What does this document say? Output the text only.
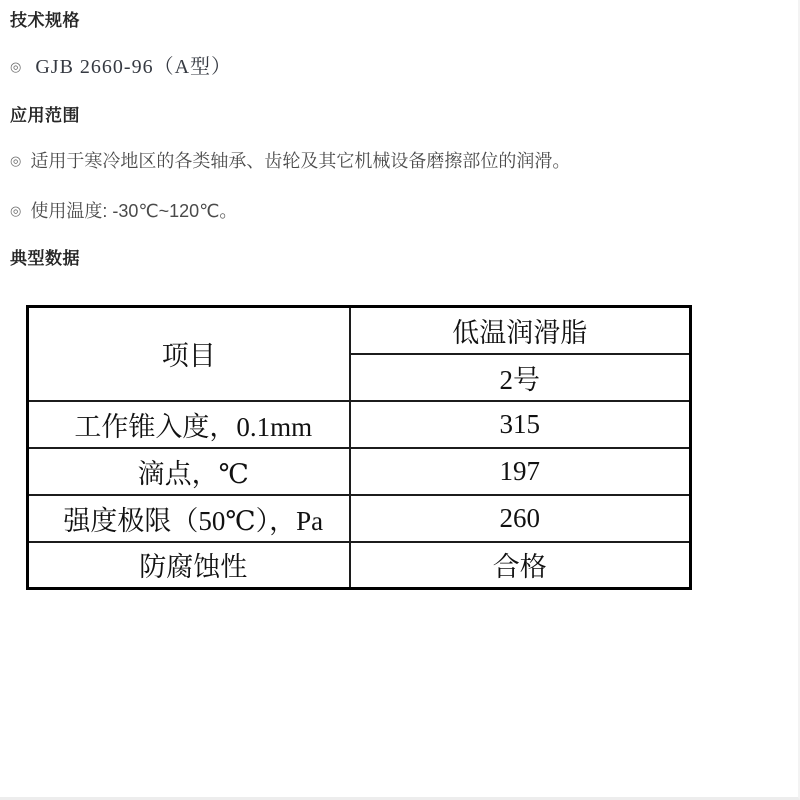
技术规格
◎ GJB 2660-96（A型）
应用范围
◎ 适用于寒冷地区的各类轴承、齿轮及其它机械设备磨擦部位的润滑。
◎ 使用温度: -30℃~120℃。
典型数据
项目	低温润滑脂
	2号
工作锥入度，0.1mm	315
滴点，℃	197
强度极限（50℃），Pa	260
防腐蚀性	合格
